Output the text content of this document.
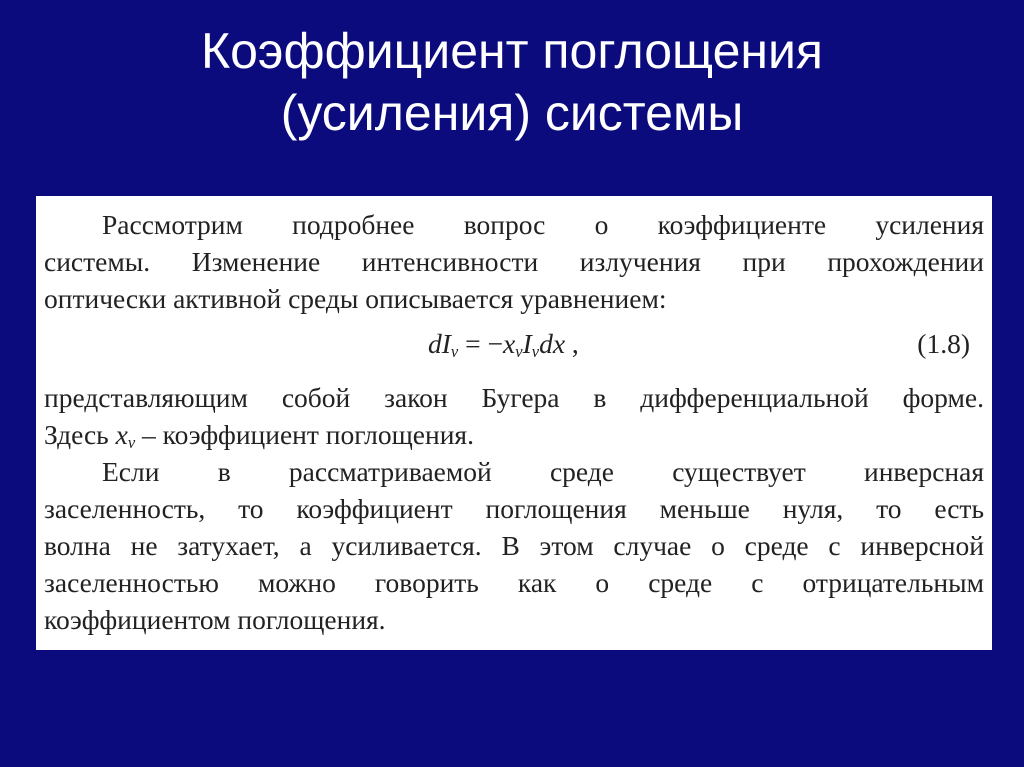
Коэффициент поглощения
(усиления) системы
Рассмотрим подробнее вопрос о коэффициенте усиления
системы. Изменение интенсивности излучения при прохождении
оптически активной среды описывается уравнением:
$dI_\nu = -x_\nu I_\nu dx$ ,	(1.8)
представляющим собой закон Бугера в дифференциальной форме.
Здесь $x_\nu$ – коэффициент поглощения.
Если в рассматриваемой среде существует инверсная
заселенность, то коэффициент поглощения меньше нуля, то есть
волна не затухает, а усиливается. В этом случае о среде с инверсной
заселенностью можно говорить как о среде с отрицательным
коэффициентом поглощения.
